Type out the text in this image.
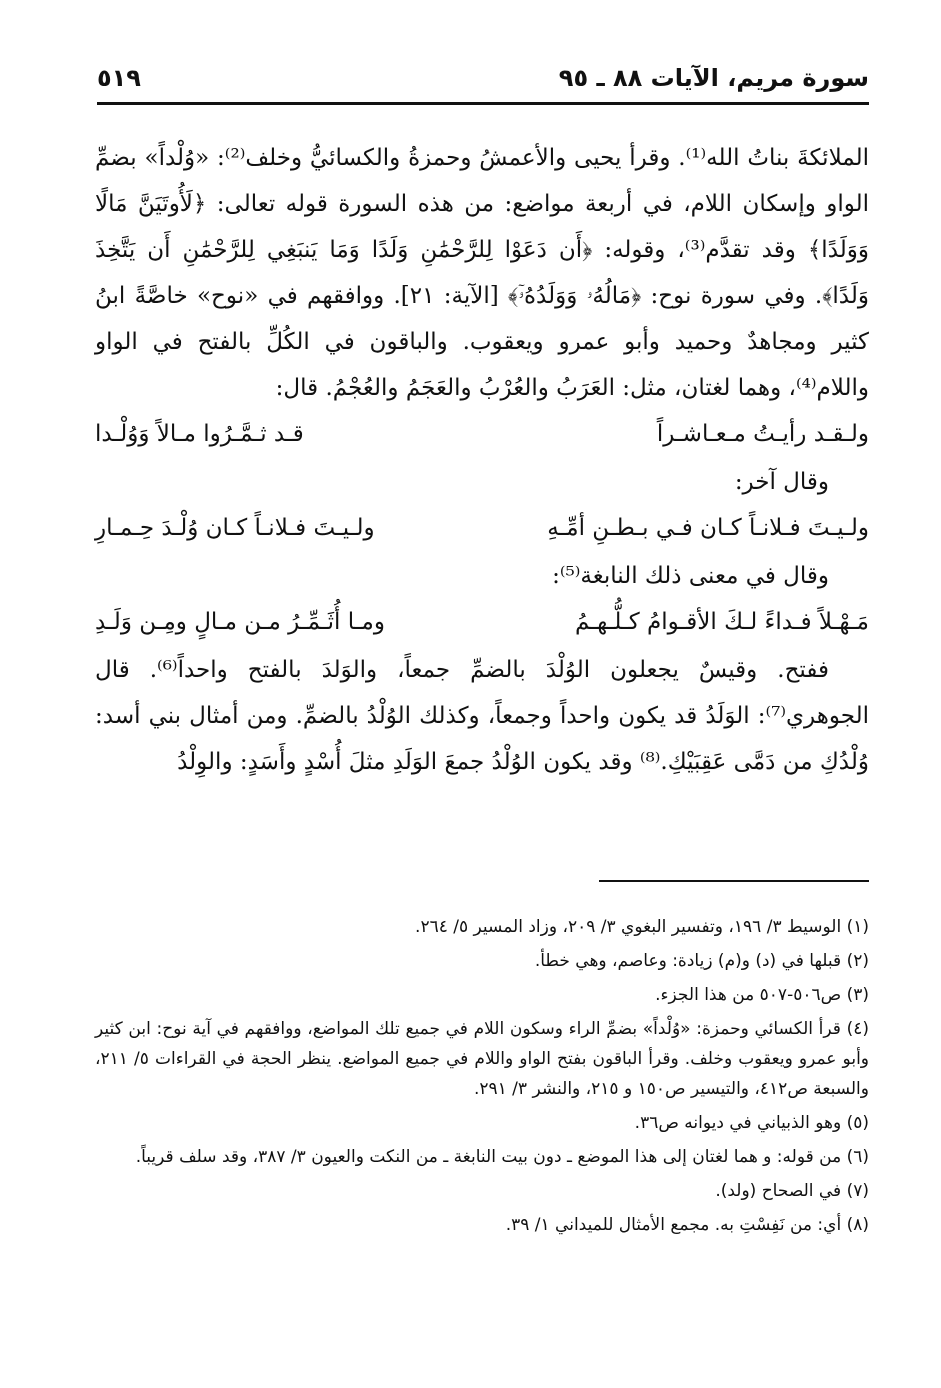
سورة مريم، الآيات ٨٨ ـ ٩٥
٥١٩

الملائكةَ بناتُ الله⁽¹⁾. وقرأ يحيى والأعمشُ وحمزةُ والكسائيُّ وخلف⁽²⁾: «وُلْداً» بضمِّ الواو وإسكان اللام، في أربعة مواضع: من هذه السورة قوله تعالى: ﴿لَأُوتَيَنَّ مَالًا وَوَلَدًا﴾ وقد تقدَّم⁽³⁾، وقوله: ﴿أَن دَعَوْا لِلرَّحْمَٰنِ وَلَدًا وَمَا يَنبَغِي لِلرَّحْمَٰنِ أَن يَتَّخِذَ وَلَدًا﴾. وفي سورة نوح: ﴿مَالُهُۥ وَوَلَدُهُۥٓ﴾ [الآية: ٢١]. ووافقهم في «نوح» خاصَّةً ابنُ كثير ومجاهدٌ وحميد وأبو عمرو ويعقوب. والباقون في الكُلِّ بالفتح في الواو واللام⁽⁴⁾، وهما لغتان، مثل: العَرَبُ والعُرْبُ والعَجَمُ والعُجْمُ. قال:

ولـقـد رأيـتُ مـعـاشـراً
قـد ثـمَّـرُوا مـالاً وَوُلْـدا
وقال آخر:
ولـيـتَ فـلانـاً كـان فـي بـطـنِ أمِّـهِ
ولـيـتَ فـلانـاً كـان وُلْـدَ حِـمـارِ
وقال في معنى ذلك النابغة⁽⁵⁾:
مَـهْـلاً فـداءً لـكَ الأقـوامُ كـلُّـهـمُ
ومـا أُثَـمِّـرُ مـن مـالٍ ومِـن وَلَـدِ

ففتح. وقيسٌ يجعلون الوُلْدَ بالضمِّ جمعاً، والوَلدَ بالفتح واحداً⁽⁶⁾. قال الجوهري⁽⁷⁾: الوَلَدُ قد يكون واحداً وجمعاً، وكذلك الوُلْدُ بالضمِّ. ومن أمثال بني أسد: وُلْدُكِ من دَمَّى عَقِبَيْكِ.⁽⁸⁾ وقد يكون الوُلْدُ جمعَ الوَلَدِ مثلَ أُسْدٍ وأَسَدٍ: والوِلْدُ

(١) الوسيط ٣/ ١٩٦، وتفسير البغوي ٣/ ٢٠٩، وزاد المسير ٥/ ٢٦٤.

(٢) قبلها في (د) و(م) زيادة: وعاصم، وهي خطأ.

(٣) ص٥٠٦-٥٠٧ من هذا الجزء.

(٤) قرأ الكسائي وحمزة: «وُلْداً» بضمِّ الراء وسكون اللام في جميع تلك المواضع، ووافقهم في آية نوح: ابن كثير وأبو عمرو ويعقوب وخلف. وقرأ الباقون بفتح الواو واللام في جميع المواضع. ينظر الحجة في القراءات ٥/ ٢١١، والسبعة ص٤١٢، والتيسير ص١٥٠ و ٢١٥، والنشر ٣/ ٢٩١.

(٥) وهو الذبياني في ديوانه ص٣٦.

(٦) من قوله: و هما لغتان إلى هذا الموضع ـ دون بيت النابغة ـ من النكت والعيون ٣/ ٣٨٧، وقد سلف قريباً.

(٧) في الصحاح (ولد).

(٨) أي: من نَفِسْتِ به. مجمع الأمثال للميداني ١/ ٣٩.
